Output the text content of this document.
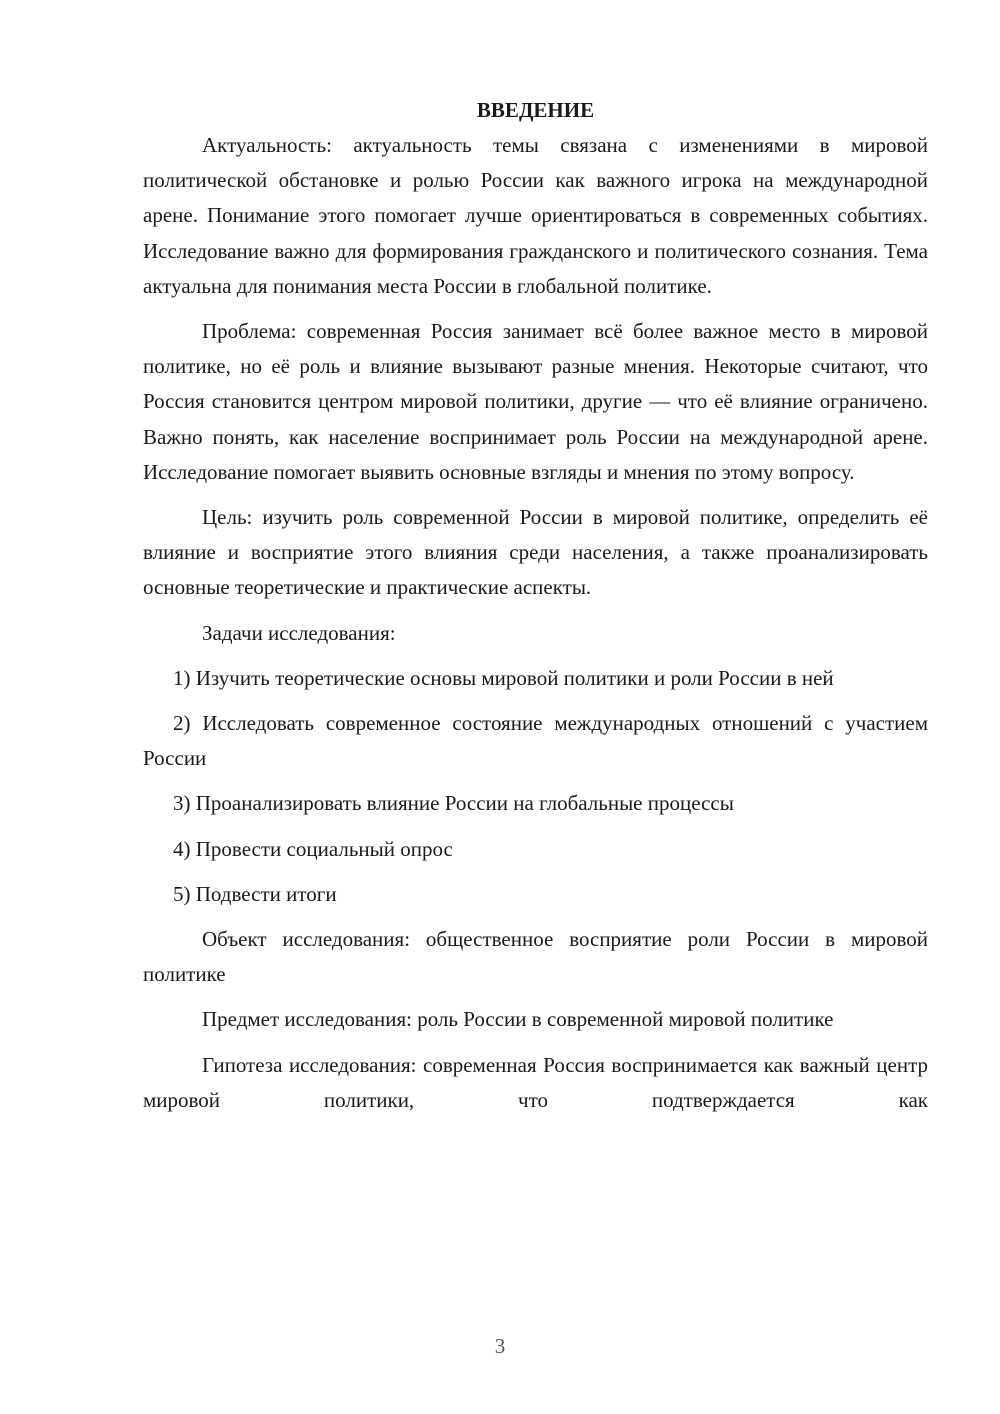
ВВЕДЕНИЕ

Актуальность: актуальность темы связана с изменениями в мировой политической обстановке и ролью России как важного игрока на международной арене. Понимание этого помогает лучше ориентироваться в современных событиях. Исследование важно для формирования гражданского и политического сознания. Тема актуальна для понимания места России в глобальной политике.

Проблема: современная Россия занимает всё более важное место в мировой политике, но её роль и влияние вызывают разные мнения. Некоторые считают, что Россия становится центром мировой политики, другие — что её влияние ограничено. Важно понять, как население воспринимает роль России на международной арене. Исследование помогает выявить основные взгляды и мнения по этому вопросу.

Цель: изучить роль современной России в мировой политике, определить её влияние и восприятие этого влияния среди населения, а также проанализировать основные теоретические и практические аспекты.

Задачи исследования:

1) Изучить теоретические основы мировой политики и роли России в ней

2) Исследовать современное состояние международных отношений с участием России

3) Проанализировать влияние России на глобальные процессы

4) Провести социальный опрос

5) Подвести итоги

Объект исследования: общественное восприятие роли России в мировой политике

Предмет исследования: роль России в современной мировой политике

Гипотеза исследования: современная Россия воспринимается как важный центр мировой политики, что подтверждается как

3
